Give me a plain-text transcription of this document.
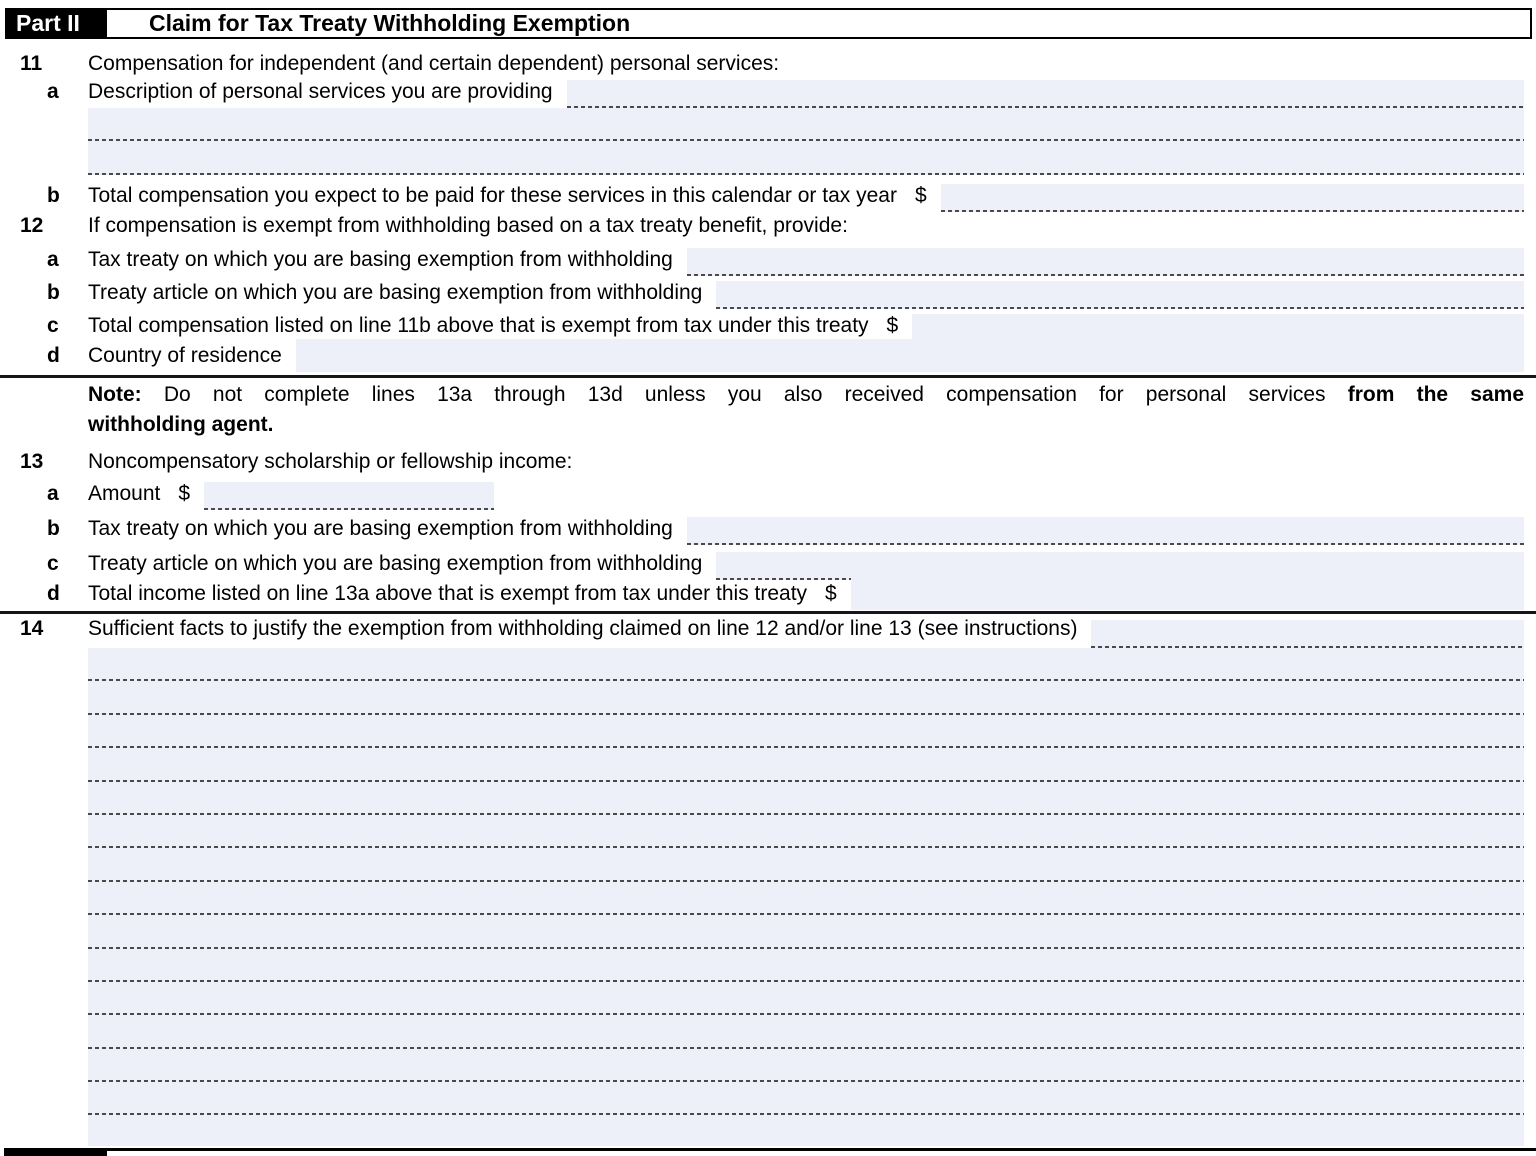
Part II	Claim for Tax Treaty Withholding Exemption
11	Compensation for independent (and certain dependent) personal services:
a	Description of personal services you are providing
b	Total compensation you expect to be paid for these services in this calendar or tax year $
12	If compensation is exempt from withholding based on a tax treaty benefit, provide:
a	Tax treaty on which you are basing exemption from withholding
b	Treaty article on which you are basing exemption from withholding
c	Total compensation listed on line 11b above that is exempt from tax under this treaty $
d	Country of residence
Note: Do not complete lines 13a through 13d unless you also received compensation for personal services from the same
withholding agent.
13	Noncompensatory scholarship or fellowship income:
a	Amount $
b	Tax treaty on which you are basing exemption from withholding
c	Treaty article on which you are basing exemption from withholding
d	Total income listed on line 13a above that is exempt from tax under this treaty $
14	Sufficient facts to justify the exemption from withholding claimed on line 12 and/or line 13 (see instructions)
